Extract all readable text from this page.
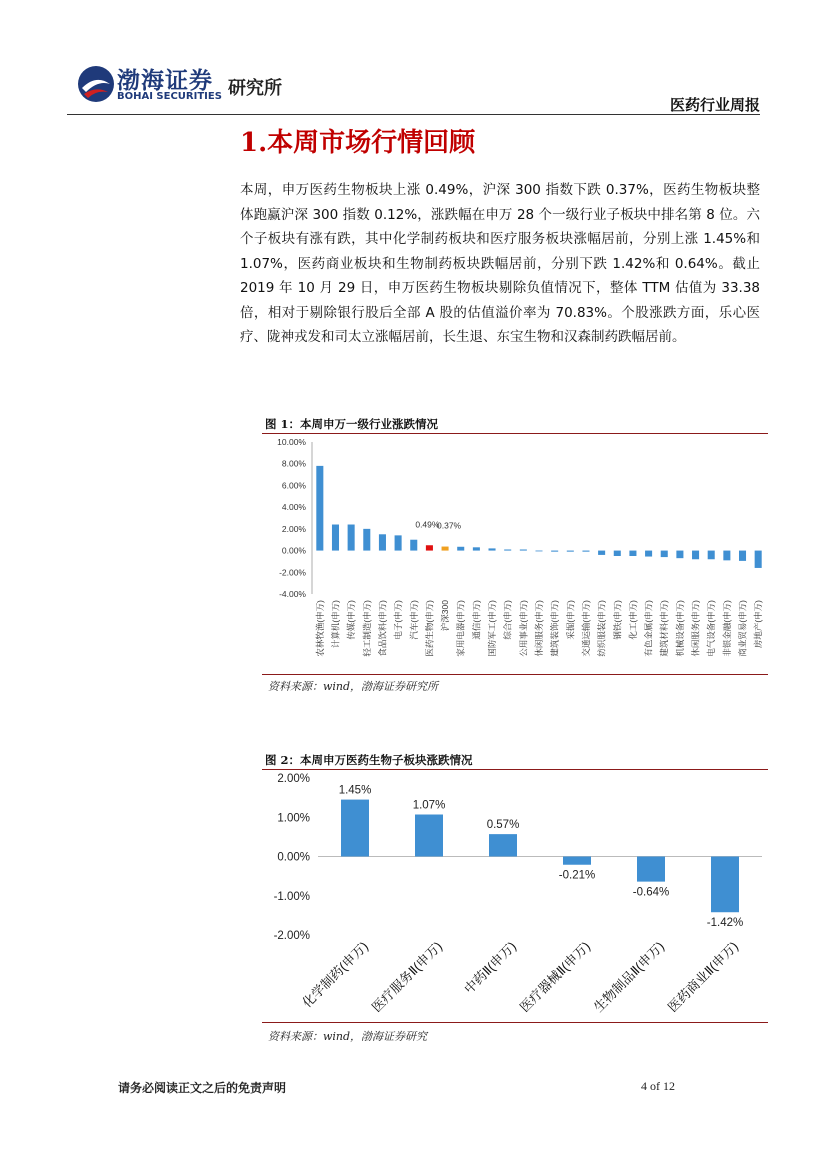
渤海证券
BOHAI SECURITIES 研究所
医药行业周报
1.本周市场行情回顾
本周，申万医药生物板块上涨 0.49%，沪深 300 指数下跌 0.37%，医药生物板块整体跑赢沪深 300 指数 0.12%，涨跌幅在申万 28 个一级行业子板块中排名第 8 位。六个子板块有涨有跌，其中化学制药板块和医疗服务板块涨幅居前，分别上涨 1.45%和 1.07%，医药商业板块和生物制药板块跌幅居前，分别下跌 1.42%和 0.64%。截止 2019 年 10 月 29 日，申万医药生物板块剔除负值情况下，整体 TTM 估值为 33.38 倍，相对于剔除银行股后全部 A 股的估值溢价率为 70.83%。个股涨跌方面，乐心医疗、陇神戎发和司太立涨幅居前，长生退、东宝生物和汉森制药跌幅居前。
图 1：本周申万一级行业涨跌情况
10.00%
8.00%
6.00%
4.00%
2.00%
0.00%
-2.00%
-4.00%
农林牧渔(申万) 计算机(申万) 传媒(申万) 轻工制造(申万) 食品饮料(申万) 电子(申万) 汽车(申万) 医药生物(申万) 沪深300 家用电器(申万) 通信(申万) 国防军工(申万) 综合(申万) 公用事业(申万) 休闲服务(申万) 建筑装饰(申万) 采掘(申万) 交通运输(申万) 纺织服装(申万) 钢铁(申万) 化工(申万) 有色金属(申万) 建筑材料(申万) 机械设备(申万) 休闲服务(申万) 电气设备(申万) 非银金融(申万) 商业贸易(申万) 房地产(申万)
0.49%
0.37%
资料来源：wind，渤海证券研究所
图 2：本周申万医药生物子板块涨跌情况
2.00%
1.00%
0.00%
-1.00%
-2.00%
1.45%
化学制药(申万)
1.07%
医疗服务Ⅱ(申万)
0.57%
中药Ⅱ(申万)
-0.21%
医疗器械Ⅱ(申万)
-0.64%
生物制品Ⅱ(申万)
-1.42%
医药商业Ⅱ(申万)
资料来源：wind，渤海证券研究
请务必阅读正文之后的免责声明	4 of 12
